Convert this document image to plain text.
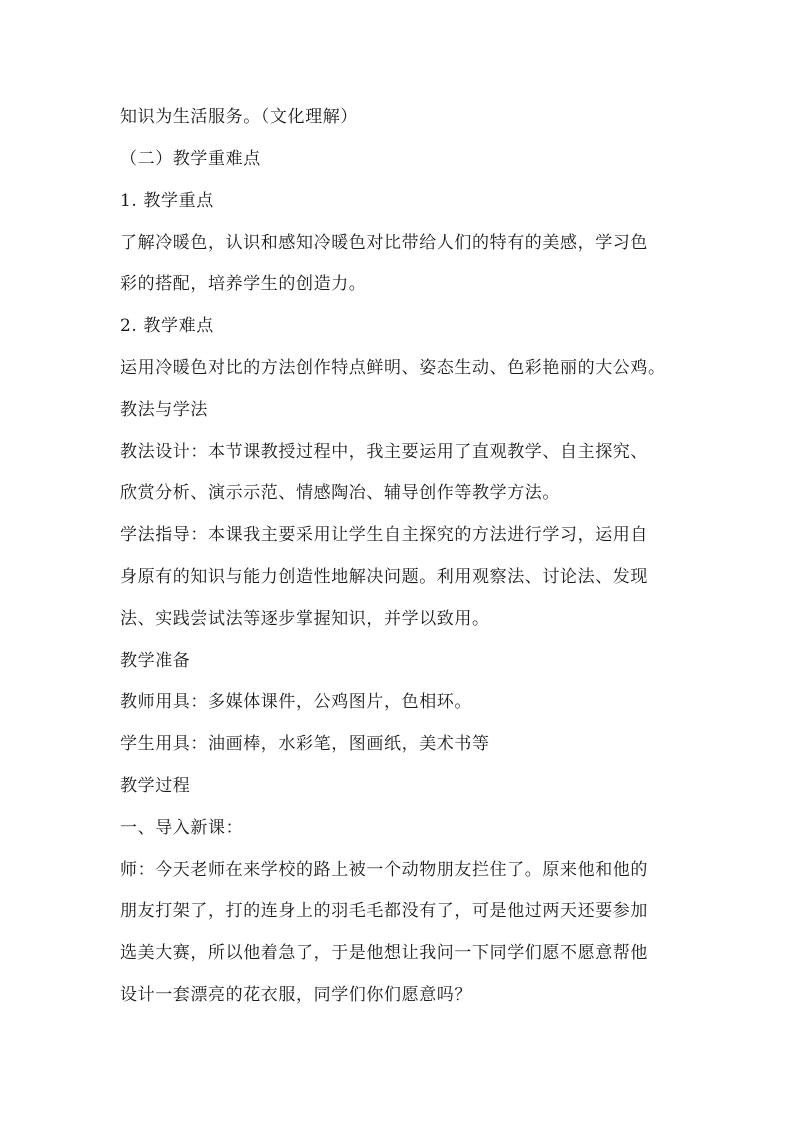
知识为生活服务。（文化理解）
（二）教学重难点
1. 教学重点
了解冷暖色，认识和感知冷暖色对比带给人们的特有的美感，学习色
彩的搭配，培养学生的创造力。
2. 教学难点
运用冷暖色对比的方法创作特点鲜明、姿态生动、色彩艳丽的大公鸡。
教法与学法
教法设计：本节课教授过程中，我主要运用了直观教学、自主探究、
欣赏分析、演示示范、情感陶冶、辅导创作等教学方法。
学法指导：本课我主要采用让学生自主探究的方法进行学习，运用自
身原有的知识与能力创造性地解决问题。利用观察法、讨论法、发现
法、实践尝试法等逐步掌握知识，并学以致用。
教学准备
教师用具：多媒体课件，公鸡图片，色相环。
学生用具：油画棒，水彩笔，图画纸，美术书等
教学过程
一、导入新课：
师：今天老师在来学校的路上被一个动物朋友拦住了。原来他和他的
朋友打架了，打的连身上的羽毛毛都没有了，可是他过两天还要参加
选美大赛，所以他着急了，于是他想让我问一下同学们愿不愿意帮他
设计一套漂亮的花衣服，同学们你们愿意吗？
